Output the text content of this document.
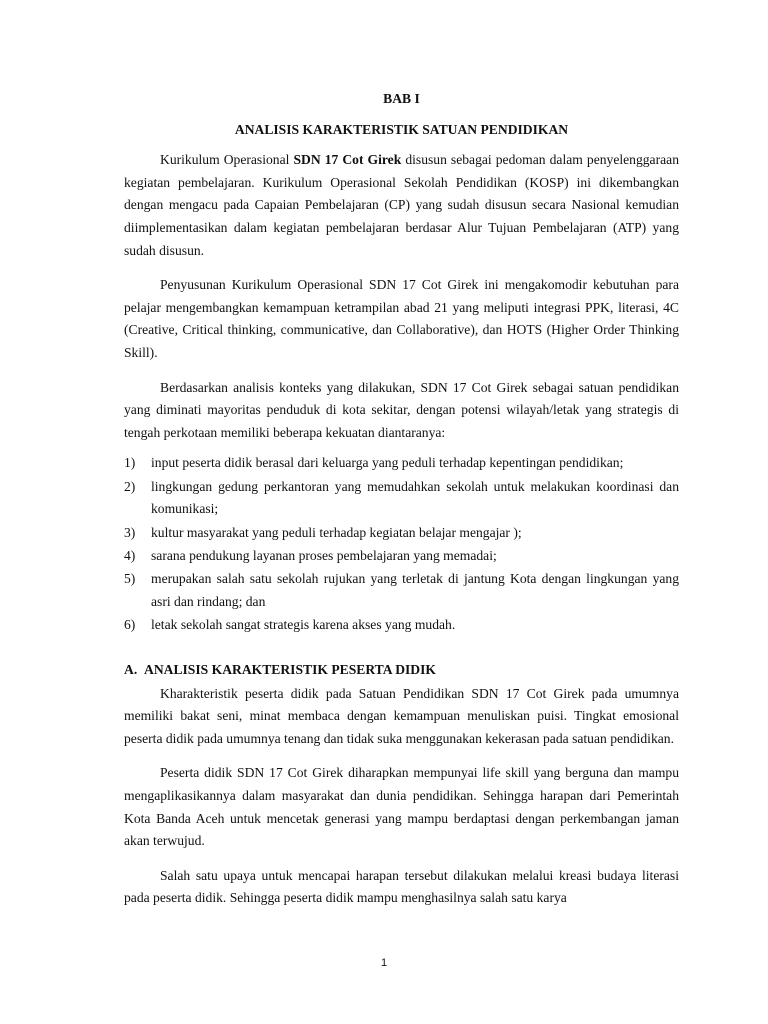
BAB I
ANALISIS KARAKTERISTIK SATUAN PENDIDIKAN

Kurikulum Operasional SDN 17 Cot Girek disusun sebagai pedoman dalam penyelenggaraan kegiatan pembelajaran. Kurikulum Operasional Sekolah Pendidikan (KOSP) ini dikembangkan dengan mengacu pada Capaian Pembelajaran (CP) yang sudah disusun secara Nasional kemudian diimplementasikan dalam kegiatan pembelajaran berdasar Alur Tujuan Pembelajaran (ATP) yang sudah disusun.

Penyusunan Kurikulum Operasional SDN 17 Cot Girek ini mengakomodir kebutuhan para pelajar mengembangkan kemampuan ketrampilan abad 21 yang meliputi integrasi PPK, literasi, 4C (Creative, Critical thinking, communicative, dan Collaborative), dan HOTS (Higher Order Thinking Skill).

Berdasarkan analisis konteks yang dilakukan, SDN 17 Cot Girek sebagai satuan pendidikan yang diminati mayoritas penduduk di kota sekitar, dengan potensi wilayah/letak yang strategis di tengah perkotaan memiliki beberapa kekuatan diantaranya:

1) input peserta didik berasal dari keluarga yang peduli terhadap kepentingan pendidikan;
2) lingkungan gedung perkantoran yang memudahkan sekolah untuk melakukan koordinasi dan komunikasi;
3) kultur masyarakat yang peduli terhadap kegiatan belajar mengajar );
4) sarana pendukung layanan proses pembelajaran yang memadai;
5) merupakan salah satu sekolah rujukan yang terletak di jantung Kota dengan lingkungan yang asri dan rindang; dan
6) letak sekolah sangat strategis karena akses yang mudah.
A. ANALISIS KARAKTERISTIK PESERTA DIDIK

Kharakteristik peserta didik pada Satuan Pendidikan SDN 17 Cot Girek pada umumnya memiliki bakat seni, minat membaca dengan kemampuan menuliskan puisi. Tingkat emosional peserta didik pada umumnya tenang dan tidak suka menggunakan kekerasan pada satuan pendidikan.

Peserta didik SDN 17 Cot Girek diharapkan mempunyai life skill yang berguna dan mampu mengaplikasikannya dalam masyarakat dan dunia pendidikan. Sehingga harapan dari Pemerintah Kota Banda Aceh untuk mencetak generasi yang mampu berdaptasi dengan perkembangan jaman akan terwujud.

Salah satu upaya untuk mencapai harapan tersebut dilakukan melalui kreasi budaya literasi pada peserta didik. Sehingga peserta didik mampu menghasilnya salah satu karya

1
